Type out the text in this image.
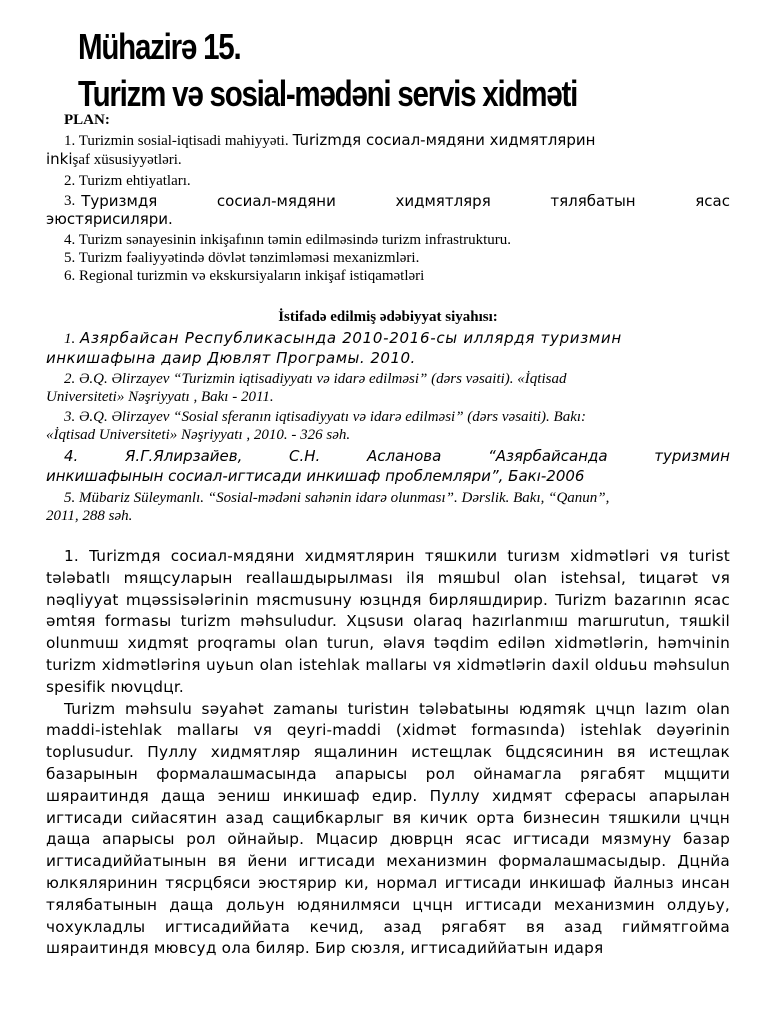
Mühazirə 15.
Turizm və sosial-mədəni servis xidməti
PLAN:

1. Turizmin sosial-iqtisadi mahiyyəti. Turizmдя сосиал-мядяни хидмятлярин
inkişaf xüsusiyyətləri.

2. Turizm ehtiyatları.

3. Туризмдя сосиал-мядяни хидмятляря тялябатын ясас
эюстярисиляри.

4. Turizm sənayesinin inkişafının təmin edilməsində turizm infrastrukturu.

5. Turizm fəaliyyətində dövlət tənzimləməsi mexanizmləri.

6. Regional turizmin və ekskursiyaların inkişaf istiqamətləri

İstifadə edilmiş ədəbiyyat siyahısı:

1. Азярбайсан Республикасында 2010-2016-сы иллярдя туризмин
инкишафына даир Дювлят Програмы. 2010.

2. Ə.Q. Əlirzayev “Turizmin iqtisadiyyatı və idarə edilməsi” (dərs vəsaiti). «İqtisad
Universiteti» Nəşriyyatı , Bakı - 2011.

3. Ə.Q. Əlirzayev “Sosial sferanın iqtisadiyyatı və idarə edilməsi” (dərs vəsaiti). Bakı:
«İqtisad Universiteti» Nəşriyyatı , 2010. - 326 səh.

4. Я.Г.Ялирзайев, С.Н. Асланова “Азярбайсанда туризмин
инкишафынын сосиал-игтисади инкишаф проблемляри”, Бакı-2006

5. Mübariz Süleymanlı. “Sosial-mədəni sahənin idarə olunması”. Dərslik. Bakı, “Qanun”,
2011, 288 səh.

1. Turizmдя сосиал-мядяни хидмятлярин тяшкили turизм xidmətləri vя turist tələbatlı mящсуларын reallашдырылмаsı ilя mяшbul olan istehsal, tицarət vя nəqliyyat mцəssisələrinin mяcmusuну юзцндя бирляшдирир. Turizm bazarının ясас əmtяя formasы turizm məhsuludur. Xцsusи olaraq hazırlanmıш marшrutun, тяшkil olunmuш xидmяt proqramы olan turun, əlavя təqdim edilən xidmətlərin, həmчinin turizm xidmətlərinя uyьun olan istehlak mallarы vя xidmətlərin daxil olduьu məhsulun spesifik nюvцdцr.

Turizm məhsulu səyahət zamanы turistин tələbatыны юдяmяk цчцn lazım olan maddi-istehlak mallarы vя qeyri-maddi (xidmət formasında) istehlak dəyərinin toplusudur. Пуллу хидмятляр ящалинин истещлак бцдсясинин вя истещлак базарынын формалашмасында апарысы рол ойнамагла рягабят мцщити шяраитиндя даща эениш инкишаф едир. Пуллу хидмят сферасы апарылан игтисади сийасятин азад сащибкарлыг вя кичик орта бизнесин тяшкили цчцн даща апарысы рол ойнайыр. Мцасир дюврцн ясас игтисади мязмуну базар игтисадиййатынын вя йени игтисади механизмин формалашмасыдыр. Дцнйа юлкяляринин тясрцбяси эюстярир ки, нормал игтисади инкишаф йалныз инсан тялябатынын даща дольун юдянилмяси цчцн игтисади механизмин олдуьу, чохукладлы игтисадиййата кечид, азад рягабят вя азад гиймятгойма шяраитиндя мювсуд ола биляр. Бир сюзля, игтисадиййатын идаря
